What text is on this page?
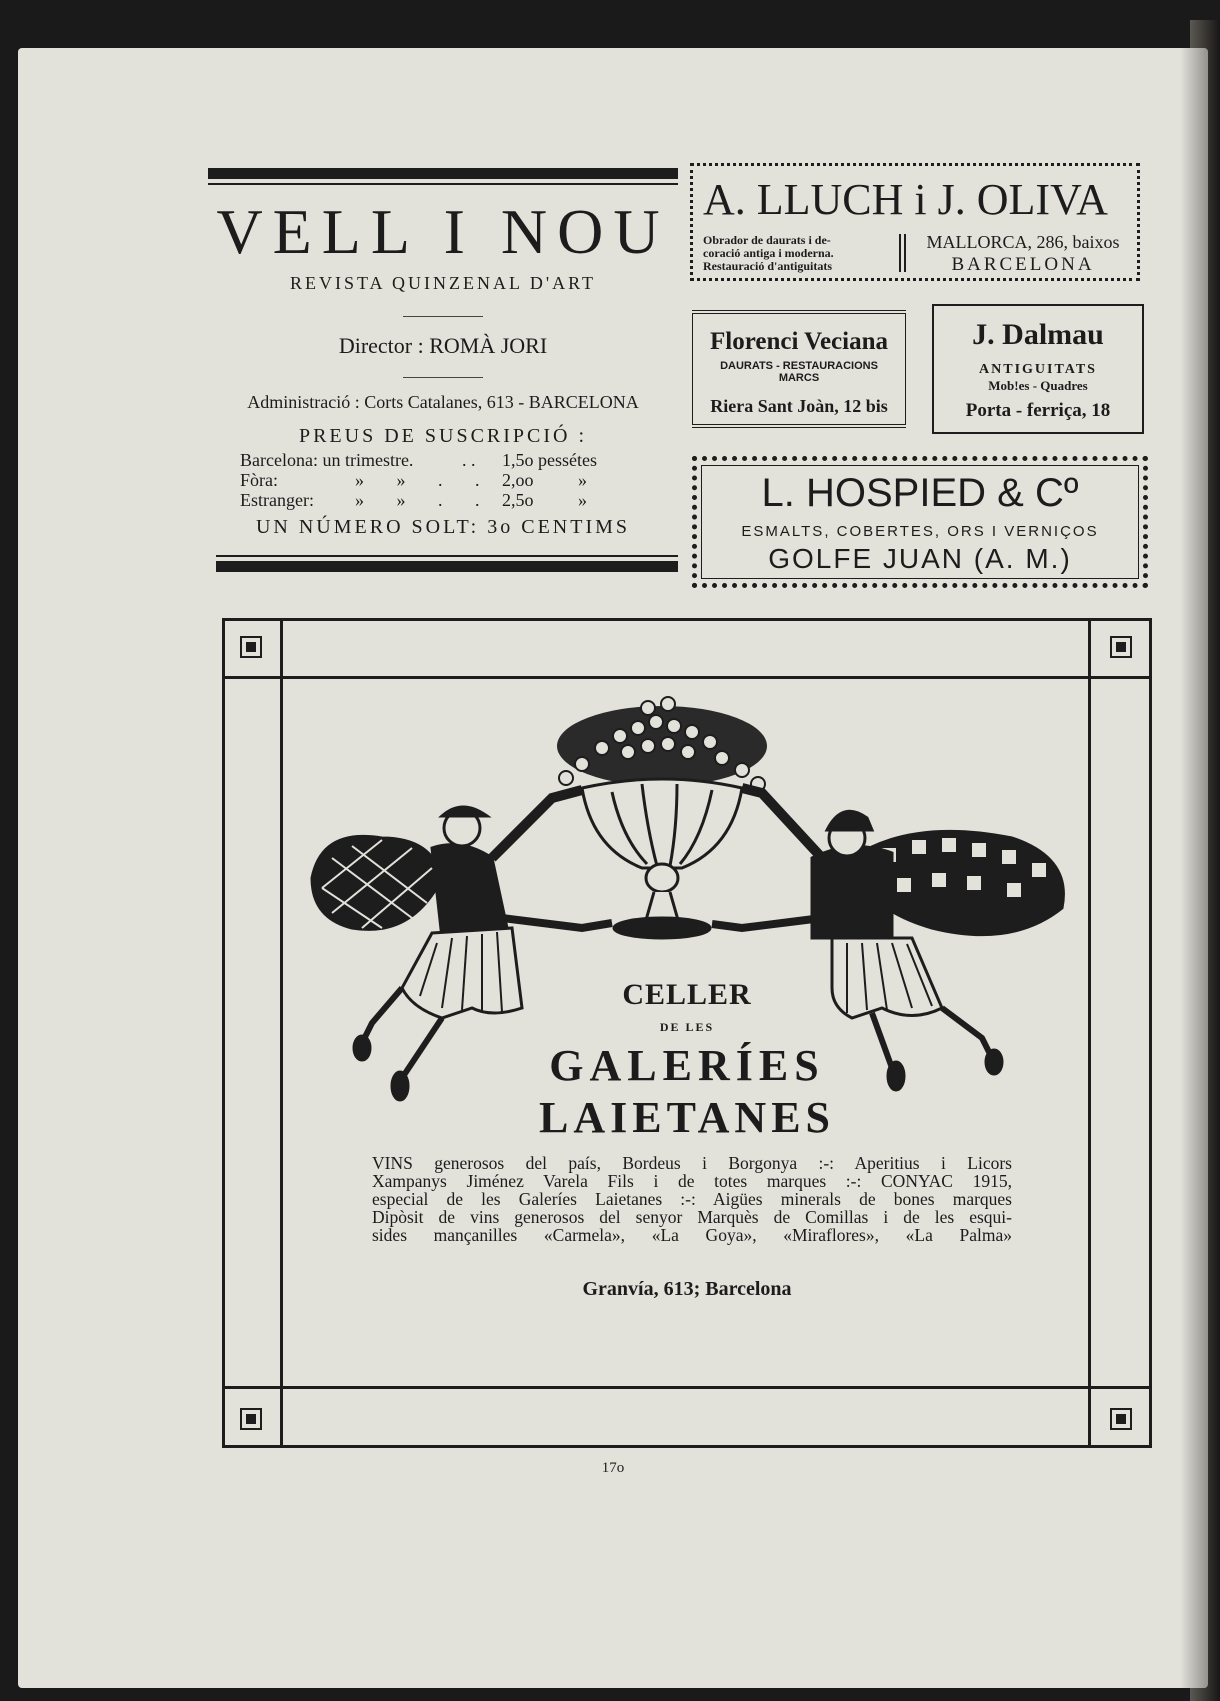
VELL I NOU
REVISTA QUINZENAL D'ART
Director : ROMÀ JORI
Administració : Corts Catalanes, 613 - BARCELONA
PREUS DE SUSCRIPCIÓ :
Barcelona: un trimestre.	. .	1,5o pessétes
Fòra:	» » . .	2,oo »
Estranger:	» » . .	2,5o »
UN NÚMERO SOLT: 3o CENTIMS
A. LLUCH i J. OLIVA
Obrador de daurats i de-
coració antiga i moderna.
Restauració d'antiguitats
MALLORCA, 286, baixos
BARCELONA
Florenci Veciana
DAURATS - RESTAURACIONS
MARCS
Riera Sant Joàn, 12 bis
J. Dalmau
ANTIGUITATS
Mob!es - Quadres
Porta - ferriça, 18
L. HOSPIED & Cº
ESMALTS, COBERTES, ORS I VERNIÇOS
GOLFE JUAN (A. M.)
CELLER
DE LES
GALERÍES
LAIETANES

VINS generosos del país, Bordeus i Borgonya :-: Aperitius i Licors

Xampanys Jiménez Varela Fils i de totes marques :-: CONYAC 1915,

especial de les Galeríes Laietanes :-: Aigües minerals de bones marques

Dipòsit de vins generosos del senyor Marquès de Comillas i de les esqui-

sides mançanilles «Carmela», «La Goya», «Miraflores», «La Palma»

Granvía, 613; Barcelona
17o
